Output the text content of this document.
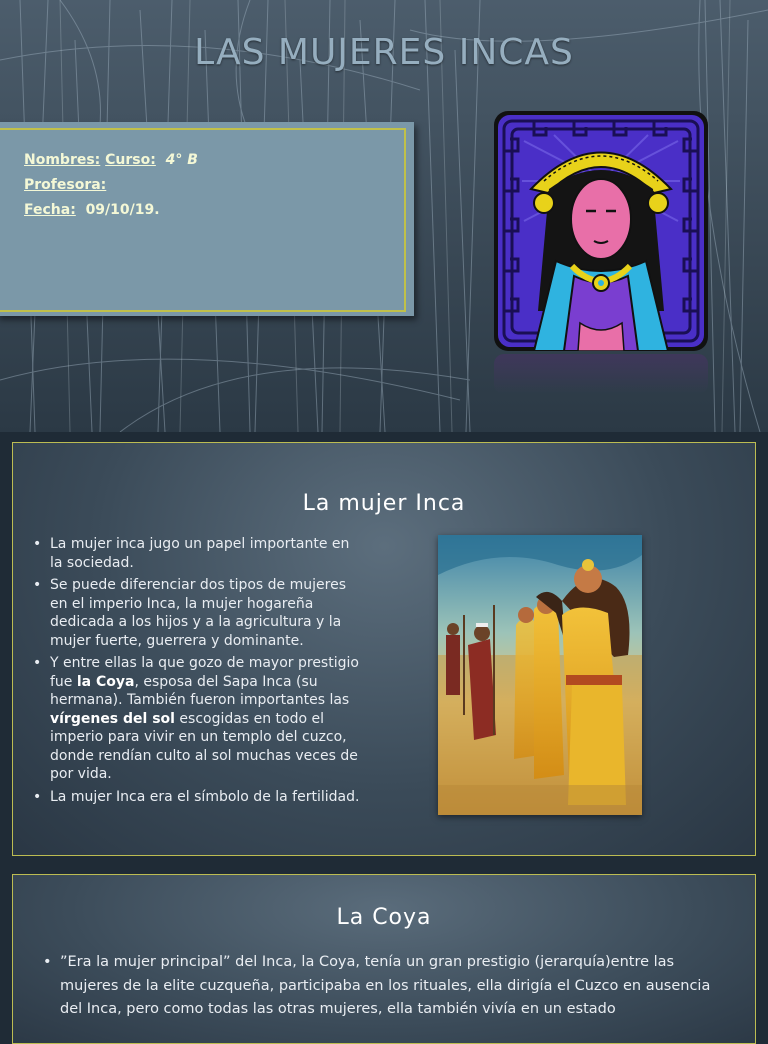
LAS MUJERES INCAS
Nombres: Curso: 4° B
Profesora:
Fecha: 09/10/19.
La mujer Inca
• La mujer inca jugo un papel importante en la sociedad.
• Se puede diferenciar dos tipos de mujeres en el imperio Inca, la mujer hogareña dedicada a los hijos y a la agricultura y la mujer fuerte, guerrera y dominante.
• Y entre ellas la que gozo de mayor prestigio fue la Coya, esposa del Sapa Inca (su hermana). También fueron importantes las vírgenes del sol escogidas en todo el imperio para vivir en un templo del cuzco, donde rendían culto al sol muchas veces de por vida.
• La mujer Inca era el símbolo de la fertilidad.
La Coya
• ”Era la mujer principal” del Inca, la Coya, tenía un gran prestigio (jerarquía)entre las mujeres de la elite cuzqueña, participaba en los rituales, ella dirigía el Cuzco en ausencia del Inca, pero como todas las otras mujeres, ella también vivía en un estado
